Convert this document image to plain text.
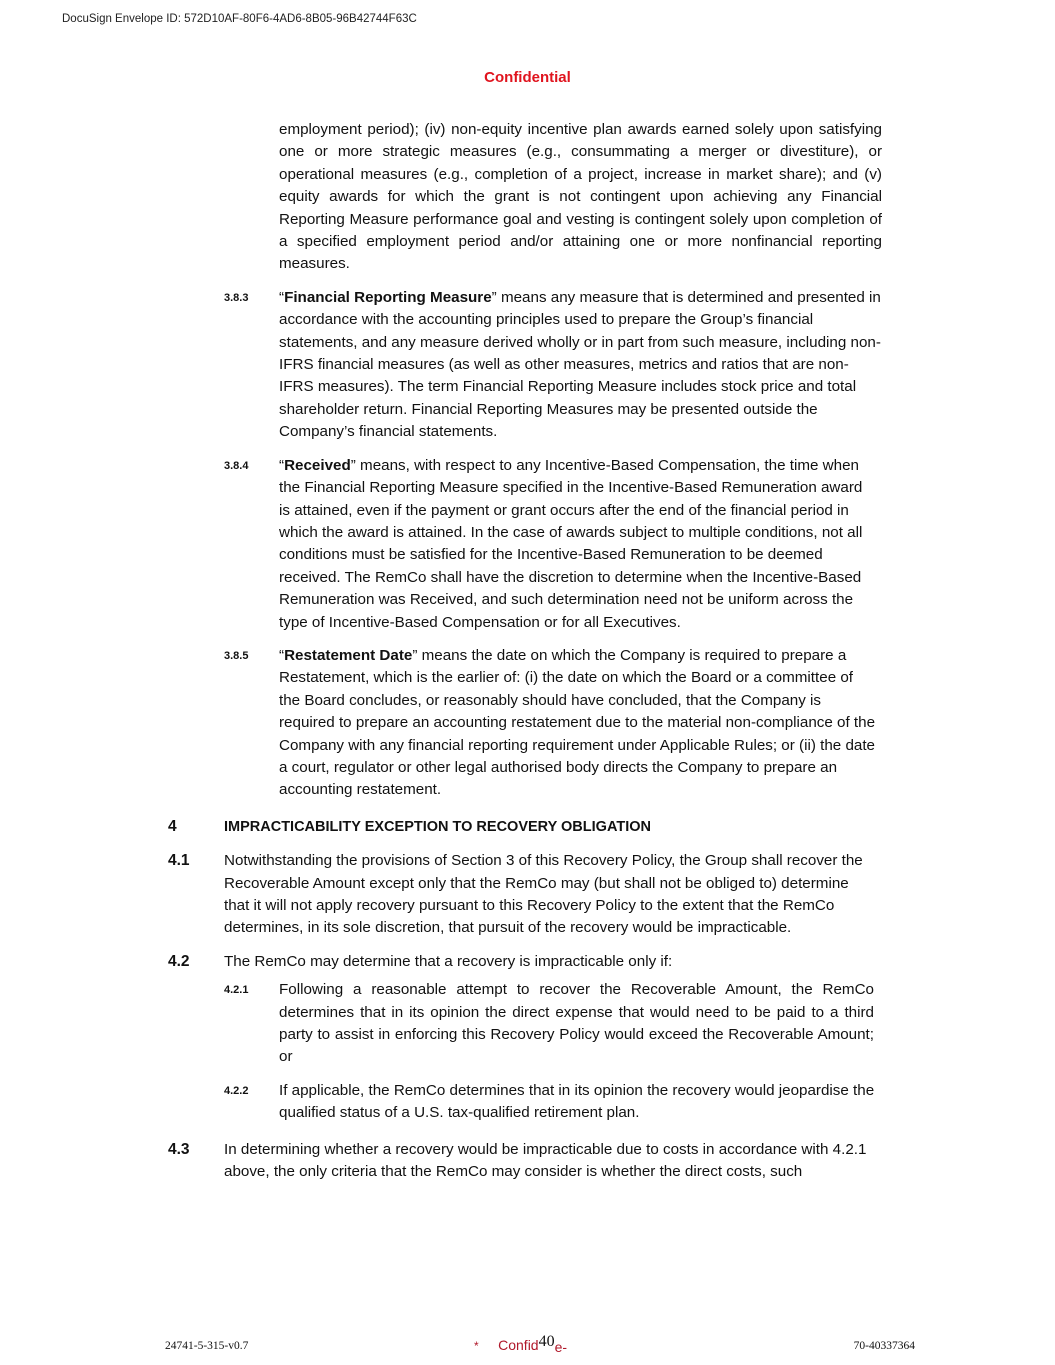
DocuSign Envelope ID: 572D10AF-80F6-4AD6-8B05-96B42744F63C
Confidential
employment period); (iv) non-equity incentive plan awards earned solely upon satisfying one or more strategic measures (e.g., consummating a merger or divestiture), or operational measures (e.g., completion of a project, increase in market share); and (v) equity awards for which the grant is not contingent upon achieving any Financial Reporting Measure performance goal and vesting is contingent solely upon completion of a specified employment period and/or attaining one or more nonfinancial reporting measures.
3.8.3 “Financial Reporting Measure” means any measure that is determined and presented in accordance with the accounting principles used to prepare the Group’s financial statements, and any measure derived wholly or in part from such measure, including non-IFRS financial measures (as well as other measures, metrics and ratios that are non-IFRS measures). The term Financial Reporting Measure includes stock price and total shareholder return. Financial Reporting Measures may be presented outside the Company’s financial statements.
3.8.4 “Received” means, with respect to any Incentive-Based Compensation, the time when the Financial Reporting Measure specified in the Incentive-Based Remuneration award is attained, even if the payment or grant occurs after the end of the financial period in which the award is attained. In the case of awards subject to multiple conditions, not all conditions must be satisfied for the Incentive-Based Remuneration to be deemed received. The RemCo shall have the discretion to determine when the Incentive-Based Remuneration was Received, and such determination need not be uniform across the type of Incentive-Based Compensation or for all Executives.
3.8.5 “Restatement Date” means the date on which the Company is required to prepare a Restatement, which is the earlier of: (i) the date on which the Board or a committee of the Board concludes, or reasonably should have concluded, that the Company is required to prepare an accounting restatement due to the material non-compliance of the Company with any financial reporting requirement under Applicable Rules; or (ii) the date a court, regulator or other legal authorised body directs the Company to prepare an accounting restatement.
4	IMPRACTICABILITY EXCEPTION TO RECOVERY OBLIGATION
4.1 Notwithstanding the provisions of Section 3 of this Recovery Policy, the Group shall recover the Recoverable Amount except only that the RemCo may (but shall not be obliged to) determine that it will not apply recovery pursuant to this Recovery Policy to the extent that the RemCo determines, in its sole discretion, that pursuit of the recovery would be impracticable.
4.2 The RemCo may determine that a recovery is impracticable only if:
4.2.1 Following a reasonable attempt to recover the Recoverable Amount, the RemCo determines that in its opinion the direct expense that would need to be paid to a third party to assist in enforcing this Recovery Policy would exceed the Recoverable Amount; or
4.2.2 If applicable, the RemCo determines that in its opinion the recovery would jeopardise the qualified status of a U.S. tax-qualified retirement plan.
4.3 In determining whether a recovery would be impracticable due to costs in accordance with 4.2.1 above, the only criteria that the RemCo may consider is whether the direct costs, such
24741-5-315-v0.7	* Confid40e-	70-40337364
